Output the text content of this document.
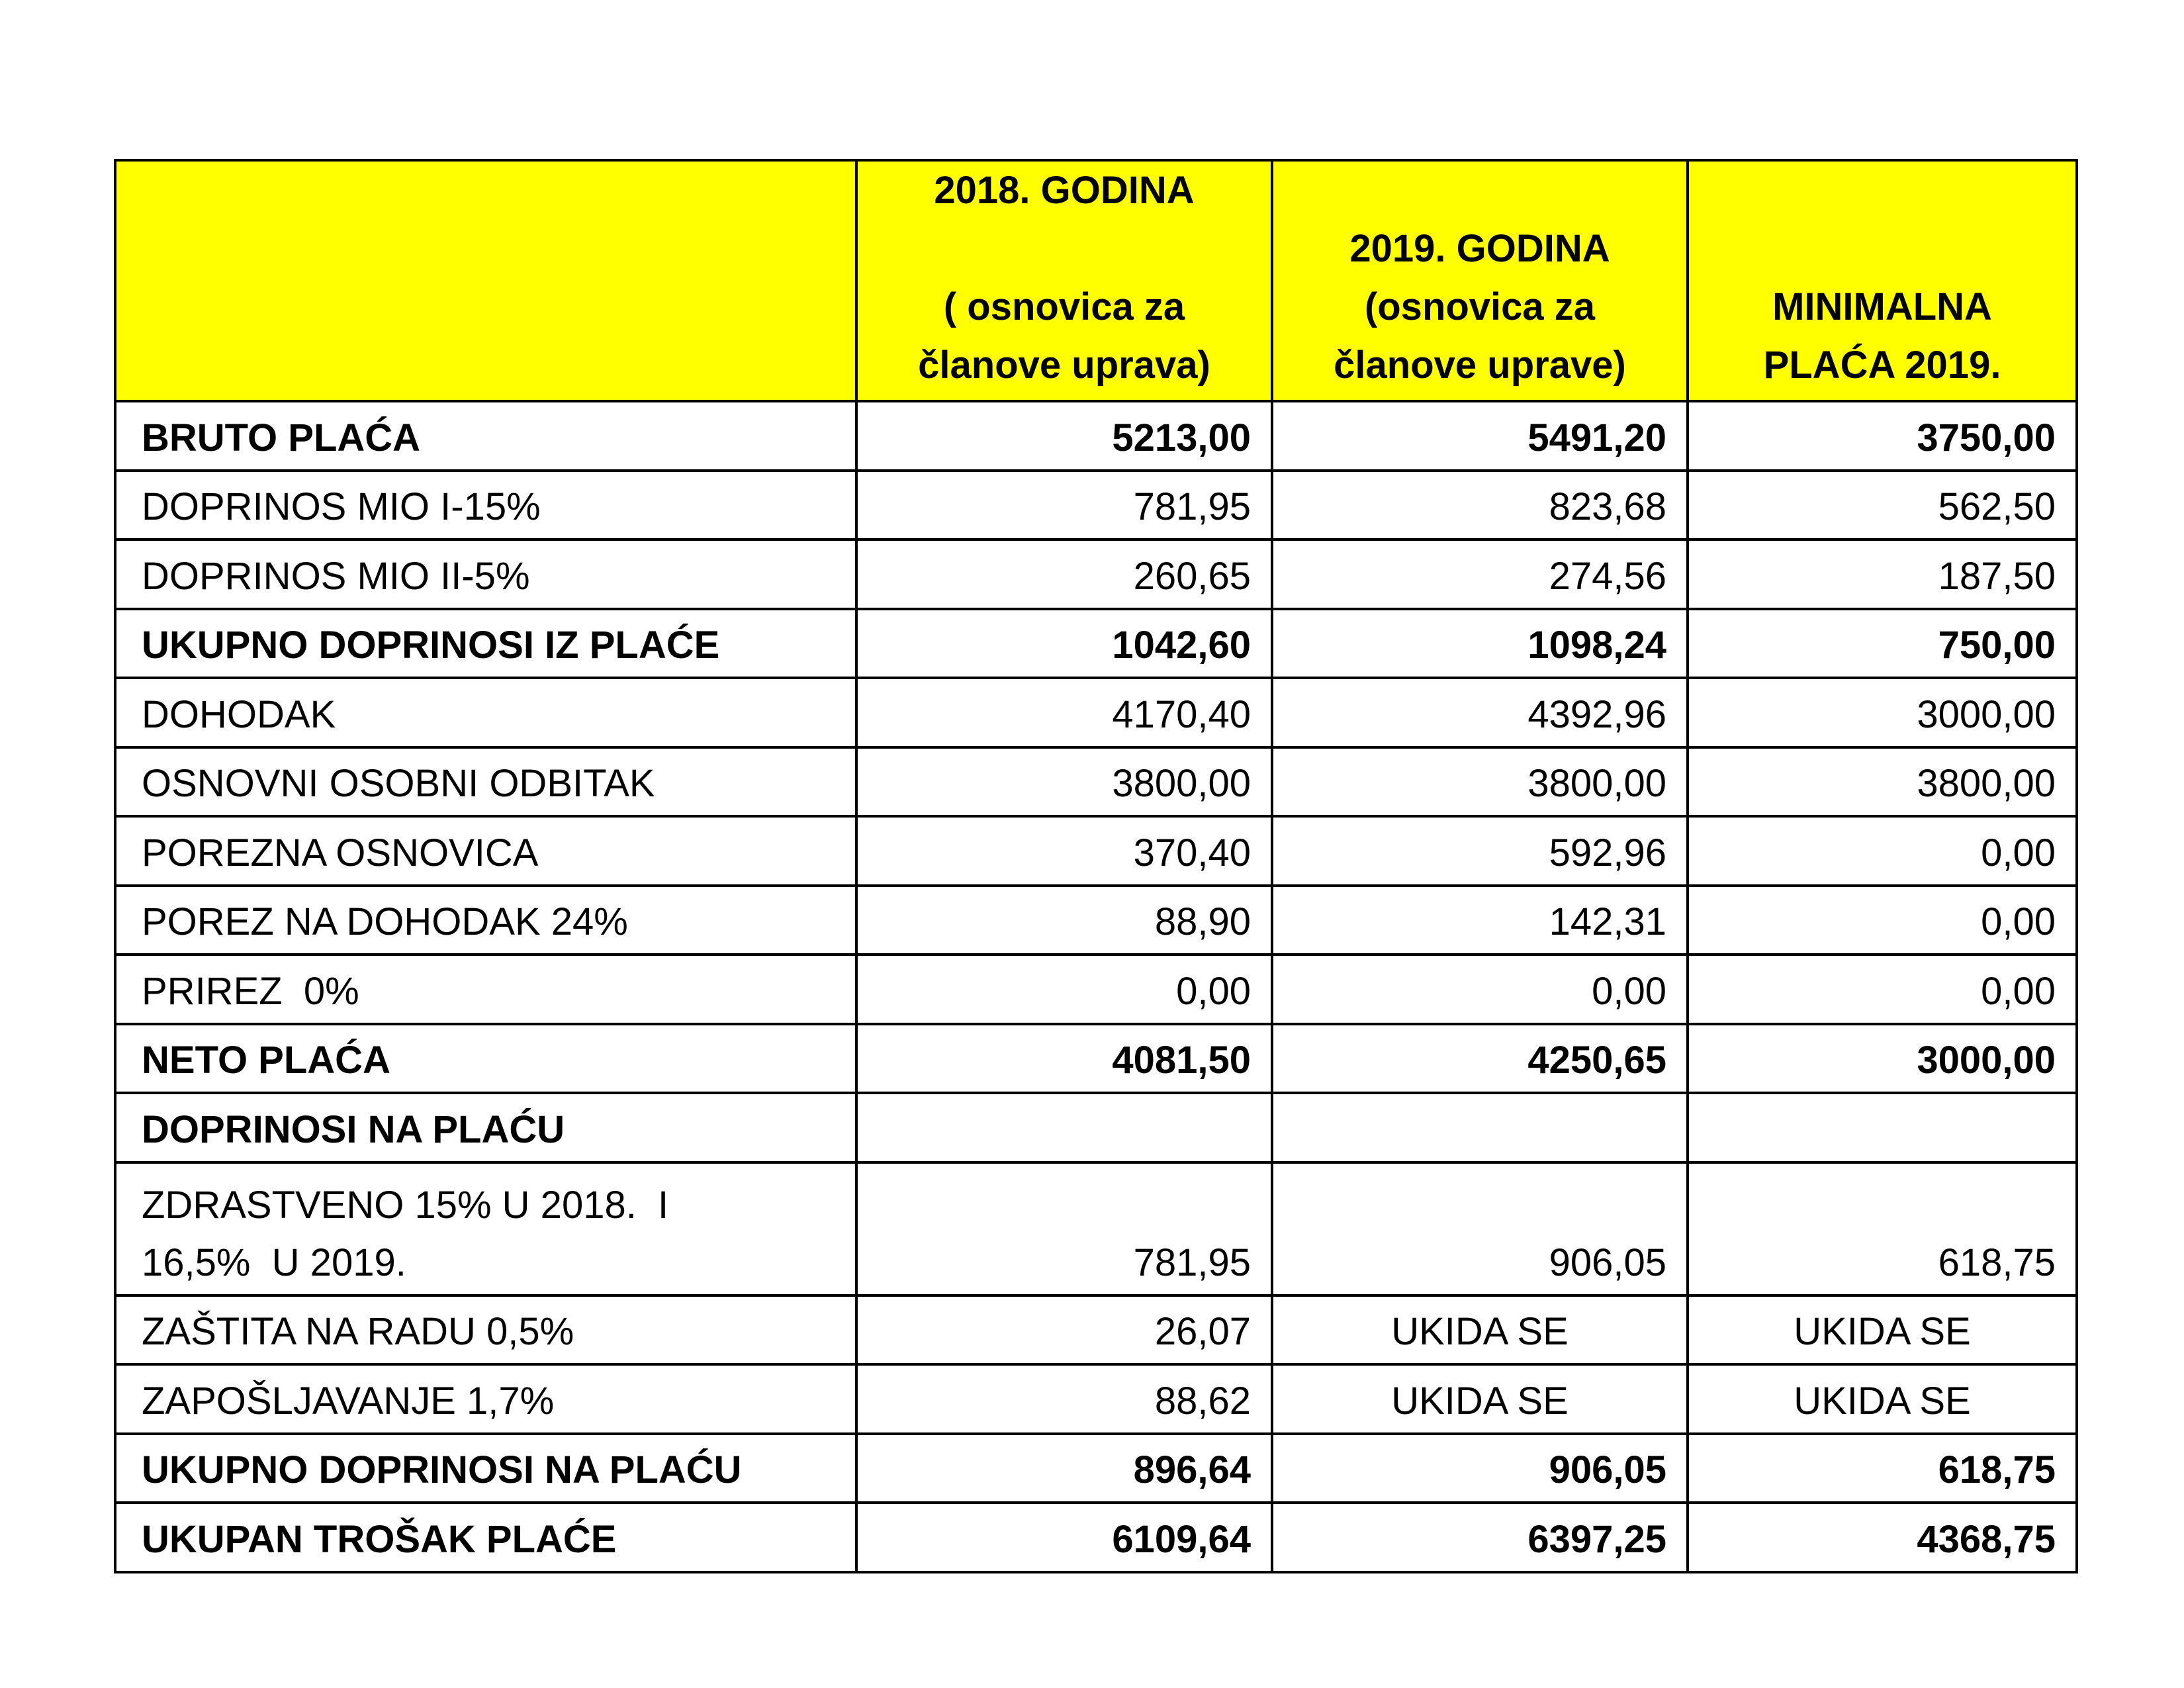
	2018. GODINA
( osnovica za
članove uprava)	2019. GODINA
(osnovica za
članove uprave)	MINIMALNA
PLAĆA 2019.

BRUTO PLAĆA	5213,00	5491,20	3750,00
DOPRINOS MIO I-15%	781,95	823,68	562,50
DOPRINOS MIO II-5%	260,65	274,56	187,50
UKUPNO DOPRINOSI IZ PLAĆE	1042,60	1098,24	750,00
DOHODAK	4170,40	4392,96	3000,00
OSNOVNI OSOBNI ODBITAK	3800,00	3800,00	3800,00
POREZNA OSNOVICA	370,40	592,96	0,00
POREZ NA DOHODAK 24%	88,90	142,31	0,00
PRIREZ  0%	0,00	0,00	0,00
NETO PLAĆA	4081,50	4250,65	3000,00
DOPRINOSI NA PLAĆU			

ZDRASTVENO 15% U 2018.  I
16,5%  U 2019.	781,95	906,05	618,75
ZAŠTITA NA RADU 0,5%	26,07	UKIDA SE	UKIDA SE
ZAPOŠLJAVANJE 1,7%	88,62	UKIDA SE	UKIDA SE
UKUPNO DOPRINOSI NA PLAĆU	896,64	906,05	618,75
UKUPAN TROŠAK PLAĆE	6109,64	6397,25	4368,75
